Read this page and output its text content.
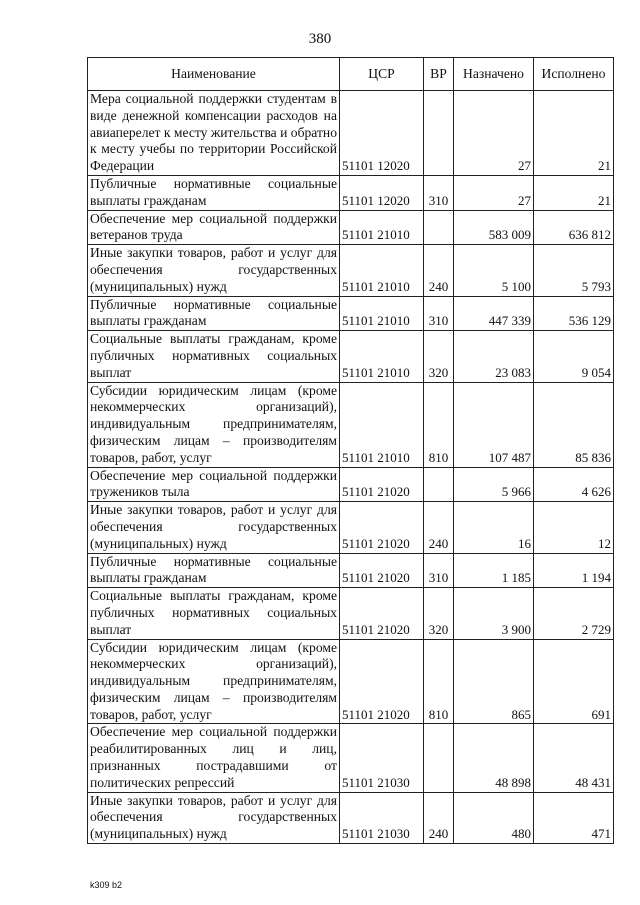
380
Наименование	ЦСР	ВР	Назначено	Исполнено
Мера социальной поддержки студентам в виде денежной компенсации расходов на авиаперелет к месту жительства и обратно к месту учебы по территории Российской Федерации	51101 12020		27	21
Публичные нормативные социальные выплаты гражданам	51101 12020	310	27	21
Обеспечение мер социальной поддержки ветеранов труда	51101 21010		583 009	636 812
Иные закупки товаров, работ и услуг для обеспечения государственных (муниципальных) нужд	51101 21010	240	5 100	5 793
Публичные нормативные социальные выплаты гражданам	51101 21010	310	447 339	536 129
Социальные выплаты гражданам, кроме публичных нормативных социальных выплат	51101 21010	320	23 083	9 054
Субсидии юридическим лицам (кроме некоммерческих организаций), индивидуальным предпринимателям, физическим лицам – производителям товаров, работ, услуг	51101 21010	810	107 487	85 836
Обеспечение мер социальной поддержки тружеников тыла	51101 21020		5 966	4 626
Иные закупки товаров, работ и услуг для обеспечения государственных (муниципальных) нужд	51101 21020	240	16	12
Публичные нормативные социальные выплаты гражданам	51101 21020	310	1 185	1 194
Социальные выплаты гражданам, кроме публичных нормативных социальных выплат	51101 21020	320	3 900	2 729
Субсидии юридическим лицам (кроме некоммерческих организаций), индивидуальным предпринимателям, физическим лицам – производителям товаров, работ, услуг	51101 21020	810	865	691
Обеспечение мер социальной поддержки реабилитированных лиц и лиц, признанных пострадавшими от политических репрессий	51101 21030		48 898	48 431
Иные закупки товаров, работ и услуг для обеспечения государственных (муниципальных) нужд	51101 21030	240	480	471
k309 b2
